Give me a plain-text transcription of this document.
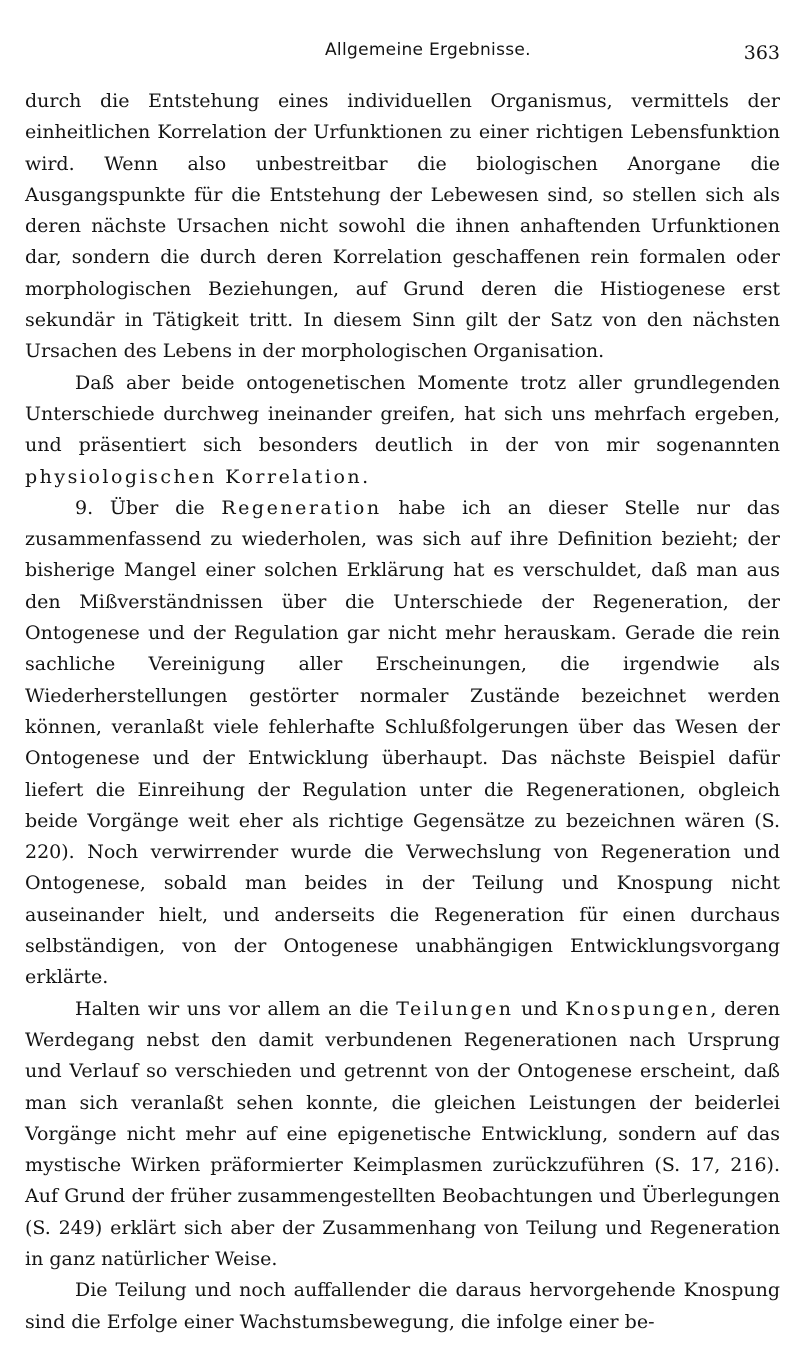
Allgemeine Ergebnisse.	363

durch die Entstehung eines individuellen Organismus, vermittels der einheitlichen Korrelation der Urfunktionen zu einer richtigen Lebensfunktion wird. Wenn also unbestreitbar die biologischen Anorgane die Ausgangspunkte für die Entstehung der Lebewesen sind, so stellen sich als deren nächste Ursachen nicht sowohl die ihnen anhaftenden Urfunktionen dar, sondern die durch deren Korrelation geschaffenen rein formalen oder morphologischen Beziehungen, auf Grund deren die Histiogenese erst sekundär in Tätigkeit tritt. In diesem Sinn gilt der Satz von den nächsten Ursachen des Lebens in der morphologischen Organisation.

Daß aber beide ontogenetischen Momente trotz aller grundlegenden Unterschiede durchweg ineinander greifen, hat sich uns mehrfach ergeben, und präsentiert sich besonders deutlich in der von mir sogenannten physiologischen Korrelation.

9. Über die Regeneration habe ich an dieser Stelle nur das zusammenfassend zu wiederholen, was sich auf ihre Definition bezieht; der bisherige Mangel einer solchen Erklärung hat es verschuldet, daß man aus den Mißverständnissen über die Unterschiede der Regeneration, der Ontogenese und der Regulation gar nicht mehr herauskam. Gerade die rein sachliche Vereinigung aller Erscheinungen, die irgendwie als Wiederherstellungen gestörter normaler Zustände bezeichnet werden können, veranlaßt viele fehlerhafte Schlußfolgerungen über das Wesen der Ontogenese und der Entwicklung überhaupt. Das nächste Beispiel dafür liefert die Einreihung der Regulation unter die Regenerationen, obgleich beide Vorgänge weit eher als richtige Gegensätze zu bezeichnen wären (S. 220). Noch verwirrender wurde die Verwechslung von Regeneration und Ontogenese, sobald man beides in der Teilung und Knospung nicht auseinander hielt, und anderseits die Regeneration für einen durchaus selbständigen, von der Ontogenese unabhängigen Entwicklungsvorgang erklärte.

Halten wir uns vor allem an die Teilungen und Knospungen, deren Werdegang nebst den damit verbundenen Regenerationen nach Ursprung und Verlauf so verschieden und getrennt von der Ontogenese erscheint, daß man sich veranlaßt sehen konnte, die gleichen Leistungen der beiderlei Vorgänge nicht mehr auf eine epigenetische Entwicklung, sondern auf das mystische Wirken präformierter Keimplasmen zurückzuführen (S. 17, 216). Auf Grund der früher zusammengestellten Beobachtungen und Überlegungen (S. 249) erklärt sich aber der Zusammenhang von Teilung und Regeneration in ganz natürlicher Weise.

Die Teilung und noch auffallender die daraus hervorgehende Knospung sind die Erfolge einer Wachstumsbewegung, die infolge einer be-
